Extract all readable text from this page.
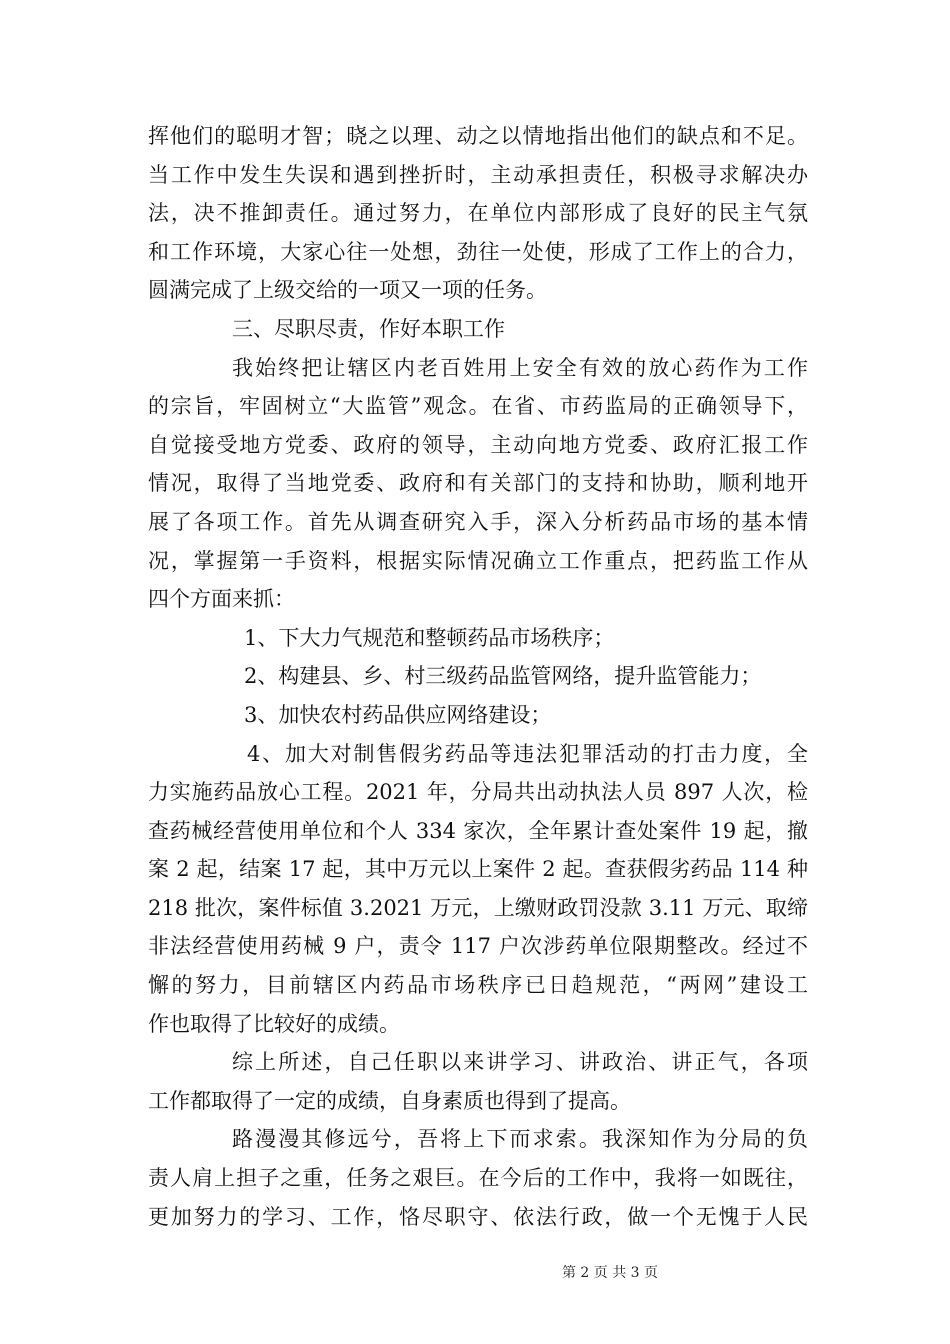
挥他们的聪明才智；晓之以理、动之以情地指出他们的缺点和不足。
当工作中发生失误和遇到挫折时，主动承担责任，积极寻求解决办
法，决不推卸责任。通过努力，在单位内部形成了良好的民主气氛
和工作环境，大家心往一处想，劲往一处使，形成了工作上的合力，
圆满完成了上级交给的一项又一项的任务。
三、尽职尽责，作好本职工作
我始终把让辖区内老百姓用上安全有效的放心药作为工作
的宗旨，牢固树立“大监管”观念。在省、市药监局的正确领导下，
自觉接受地方党委、政府的领导，主动向地方党委、政府汇报工作
情况，取得了当地党委、政府和有关部门的支持和协助，顺利地开
展了各项工作。首先从调查研究入手，深入分析药品市场的基本情
况，掌握第一手资料，根据实际情况确立工作重点，把药监工作从
四个方面来抓：
1、下大力气规范和整顿药品市场秩序；
2、构建县、乡、村三级药品监管网络，提升监管能力；
3、加快农村药品供应网络建设；
4、加大对制售假劣药品等违法犯罪活动的打击力度，全
力实施药品放心工程。2021 年，分局共出动执法人员 897 人次，检
查药械经营使用单位和个人 334 家次，全年累计查处案件 19 起，撤
案 2 起，结案 17 起，其中万元以上案件 2 起。查获假劣药品 114 种
218 批次，案件标值 3.2021 万元，上缴财政罚没款 3.11 万元、取缔
非法经营使用药械 9 户，责令 117 户次涉药单位限期整改。经过不
懈的努力，目前辖区内药品市场秩序已日趋规范，“两网”建设工
作也取得了比较好的成绩。
综上所述，自己任职以来讲学习、讲政治、讲正气，各项
工作都取得了一定的成绩，自身素质也得到了提高。
路漫漫其修远兮，吾将上下而求索。我深知作为分局的负
责人肩上担子之重，任务之艰巨。在今后的工作中，我将一如既往，
更加努力的学习、工作，恪尽职守、依法行政，做一个无愧于人民
第 2 页 共 3 页
